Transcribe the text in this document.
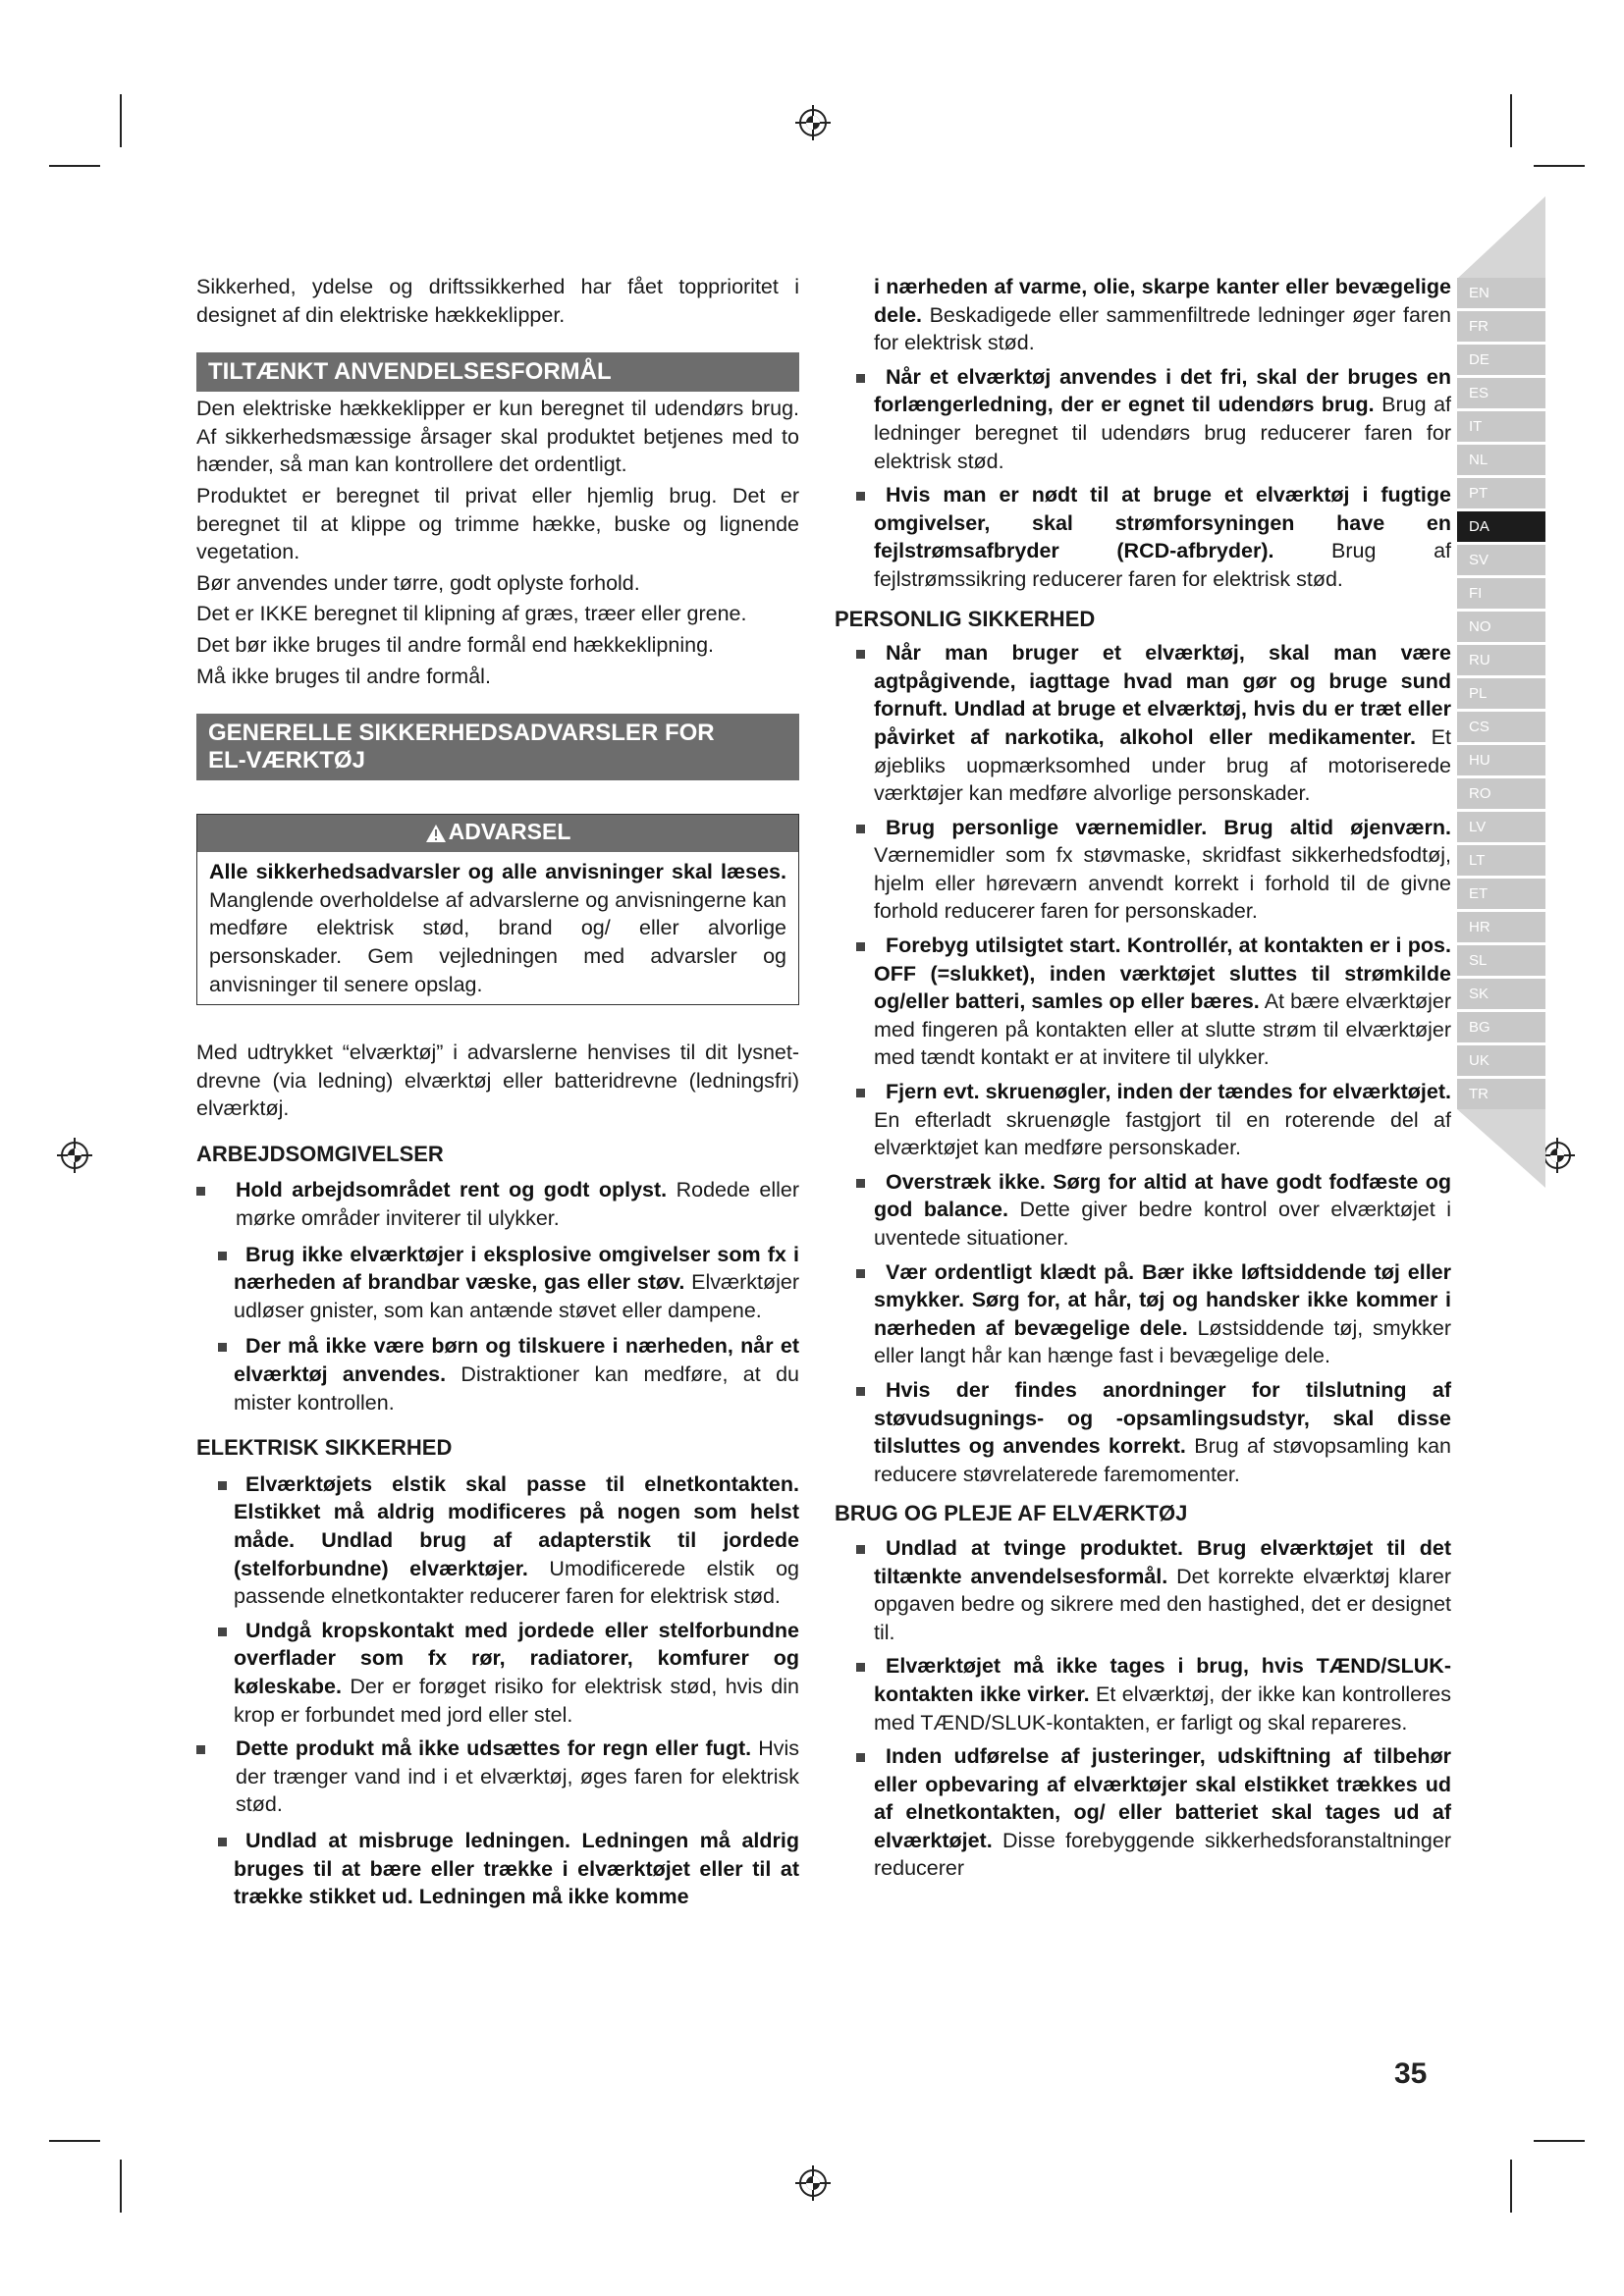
Sikkerhed, ydelse og driftssikkerhed har fået topprioritet i designet af din elektriske hækkeklipper.

TILTÆNKT ANVENDELSESFORMÅL

Den elektriske hækkeklipper er kun beregnet til udendørs brug. Af sikkerhedsmæssige årsager skal produktet betjenes med to hænder, så man kan kontrollere det ordentligt.

Produktet er beregnet til privat eller hjemlig brug. Det er beregnet til at klippe og trimme hække, buske og lignende vegetation.

Bør anvendes under tørre, godt oplyste forhold.

Det er IKKE beregnet til klipning af græs, træer eller grene.

Det bør ikke bruges til andre formål end hækkeklipning.

Må ikke bruges til andre formål.

GENERELLE SIKKERHEDSADVARSLER FOR
EL-VÆRKTØJ
ADVARSEL

Alle sikkerhedsadvarsler og alle anvisninger skal læses. Manglende overholdelse af advarslerne og anvisningerne kan medføre elektrisk stød, brand og/ eller alvorlige personskader. Gem vejledningen med advarsler og anvisninger til senere opslag.

Med udtrykket “elværktøj” i advarslerne henvises til dit lysnet-drevne (via ledning) elværktøj eller batteridrevne (ledningsfri) elværktøj.

ARBEJDSOMGIVELSER

Hold arbejdsområdet rent og godt oplyst. Rodede eller mørke områder inviterer til ulykker.
Brug ikke elværktøjer i eksplosive omgivelser som fx i nærheden af brandbar væske, gas eller støv. Elværktøjer udløser gnister, som kan antænde støvet eller dampene.
Der må ikke være børn og tilskuere i nærheden, når et elværktøj anvendes. Distraktioner kan medføre, at du mister kontrollen.

ELEKTRISK SIKKERHED

Elværktøjets elstik skal passe til elnetkontakten. Elstikket må aldrig modificeres på nogen som helst måde. Undlad brug af adapterstik til jordede (stelforbundne) elværktøjer. Umodificerede elstik og passende elnetkontakter reducerer faren for elektrisk stød.
Undgå kropskontakt med jordede eller stelforbundne overflader som fx rør, radiatorer, komfurer og køleskabe. Der er forøget risiko for elektrisk stød, hvis din krop er forbundet med jord eller stel.
Dette produkt må ikke udsættes for regn eller fugt. Hvis der trænger vand ind i et elværktøj, øges faren for elektrisk stød.
Undlad at misbruge ledningen. Ledningen må aldrig bruges til at bære eller trække i elværktøjet eller til at trække stikket ud. Ledningen må ikke komme

i nærheden af varme, olie, skarpe kanter eller bevægelige dele. Beskadigede eller sammenfiltrede ledninger øger faren for elektrisk stød.

Når et elværktøj anvendes i det fri, skal der bruges en forlængerledning, der er egnet til udendørs brug. Brug af ledninger beregnet til udendørs brug reducerer faren for elektrisk stød.
Hvis man er nødt til at bruge et elværktøj i fugtige omgivelser, skal strømforsyningen have en fejlstrømsafbryder (RCD-afbryder). Brug af fejlstrømssikring reducerer faren for elektrisk stød.

PERSONLIG SIKKERHED

Når man bruger et elværktøj, skal man være agtpågivende, iagttage hvad man gør og bruge sund fornuft. Undlad at bruge et elværktøj, hvis du er træt eller påvirket af narkotika, alkohol eller medikamenter. Et øjebliks uopmærksomhed under brug af motoriserede værktøjer kan medføre alvorlige personskader.
Brug personlige værnemidler. Brug altid øjenværn. Værnemidler som fx støvmaske, skridfast sikkerhedsfodtøj, hjelm eller høreværn anvendt korrekt i forhold til de givne forhold reducerer faren for personskader.
Forebyg utilsigtet start. Kontrollér, at kontakten er i pos. OFF (=slukket), inden værktøjet sluttes til strømkilde og/eller batteri, samles op eller bæres. At bære elværktøjer med fingeren på kontakten eller at slutte strøm til elværktøjer med tændt kontakt er at invitere til ulykker.
Fjern evt. skruenøgler, inden der tændes for elværktøjet. En efterladt skruenøgle fastgjort til en roterende del af elværktøjet kan medføre personskader.
Overstræk ikke. Sørg for altid at have godt fodfæste og god balance. Dette giver bedre kontrol over elværktøjet i uventede situationer.
Vær ordentligt klædt på. Bær ikke løftsiddende tøj eller smykker. Sørg for, at hår, tøj og handsker ikke kommer i nærheden af bevægelige dele. Løstsiddende tøj, smykker eller langt hår kan hænge fast i bevægelige dele.
Hvis der findes anordninger for tilslutning af støvudsugnings- og -opsamlingsudstyr, skal disse tilsluttes og anvendes korrekt. Brug af støvopsamling kan reducere støvrelaterede faremomenter.

BRUG OG PLEJE AF ELVÆRKTØJ

Undlad at tvinge produktet. Brug elværktøjet til det tiltænkte anvendelsesformål. Det korrekte elværktøj klarer opgaven bedre og sikrere med den hastighed, det er designet til.
Elværktøjet må ikke tages i brug, hvis TÆND/SLUK-kontakten ikke virker. Et elværktøj, der ikke kan kontrolleres med TÆND/SLUK-kontakten, er farligt og skal repareres.
Inden udførelse af justeringer, udskiftning af tilbehør eller opbevaring af elværktøjer skal elstikket trækkes ud af elnetkontakten, og/ eller batteriet skal tages ud af elværktøjet. Disse forebyggende sikkerhedsforanstaltninger reducerer
EN
FR
DE
ES
IT
NL
PT
DA
SV
FI
NO
RU
PL
CS
HU
RO
LV
LT
ET
HR
SL
SK
BG
UK
TR
35
